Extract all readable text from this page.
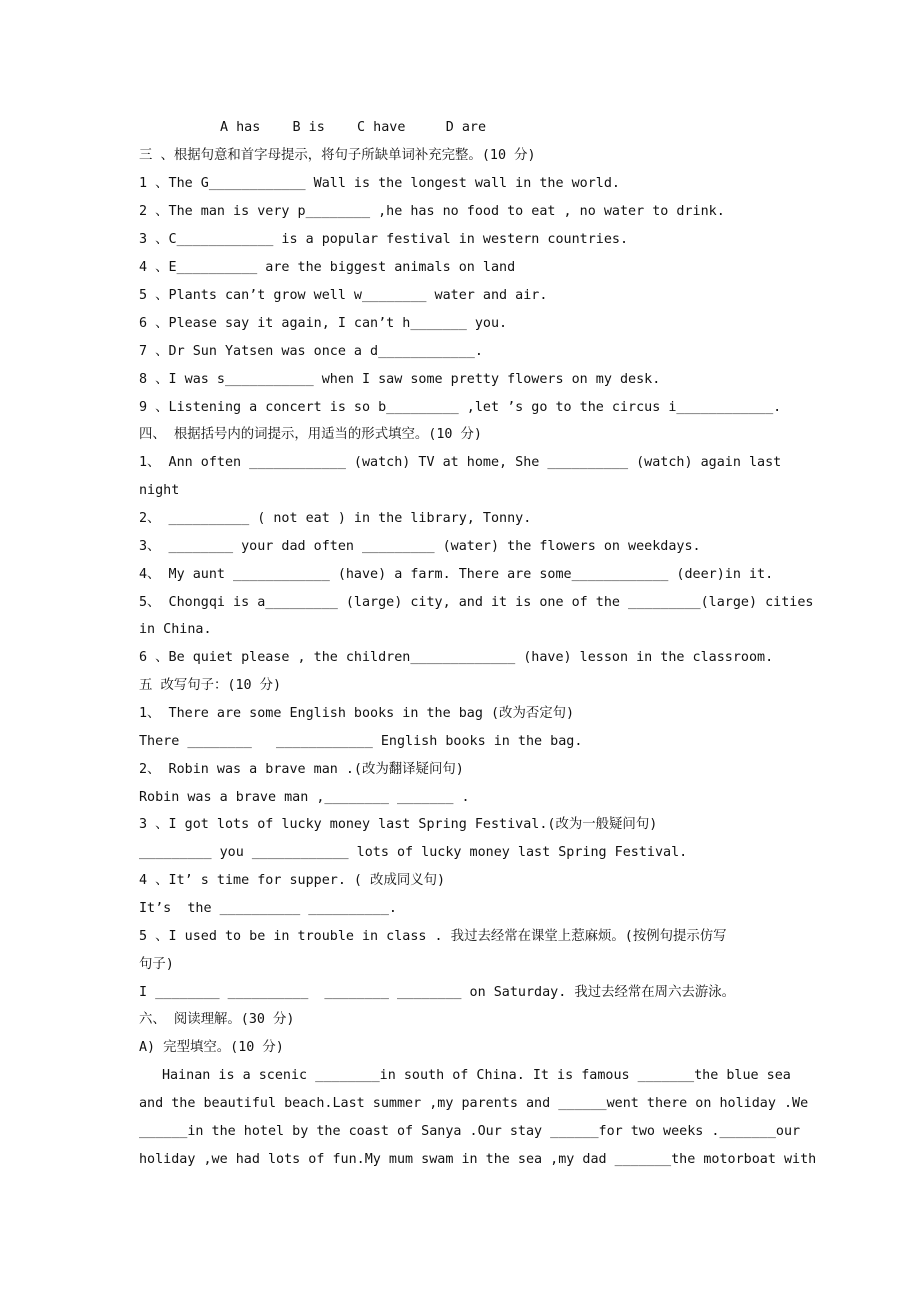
A has    B is    C have     D are
三 、根据句意和首字母提示，将句子所缺单词补充完整。(10 分)
1 、The G____________ Wall is the longest wall in the world.
2 、The man is very p________ ,he has no food to eat , no water to drink.
3 、C____________ is a popular festival in western countries.
4 、E__________ are the biggest animals on land
5 、Plants can’t grow well w________ water and air.
6 、Please say it again, I can’t h_______ you.
7 、Dr Sun Yatsen was once a d____________.
8 、I was s___________ when I saw some pretty flowers on my desk.
9 、Listening a concert is so b_________ ,let ’s go to the circus i____________.
四、 根据括号内的词提示，用适当的形式填空。(10 分)
1、 Ann often ____________ (watch) TV at home, She __________ (watch) again last
night
2、 __________ ( not eat ) in the library, Tonny.
3、 ________ your dad often _________ (water) the flowers on weekdays.
4、 My aunt ____________ (have) a farm. There are some____________ (deer)in it.
5、 Chongqi is a_________ (large) city, and it is one of the _________(large) cities
in China.
6 、Be quiet please , the children_____________ (have) lesson in the classroom.
五 改写句子：(10 分)
1、 There are some English books in the bag (改为否定句)
There ________   ____________ English books in the bag.
2、 Robin was a brave man .(改为翻译疑问句)
Robin was a brave man ,________ _______ .
3 、I got lots of lucky money last Spring Festival.(改为一般疑问句)
_________ you ____________ lots of lucky money last Spring Festival.
4 、It’ s time for supper. ( 改成同义句)
It’s  the __________ __________.
5 、I used to be in trouble in class . 我过去经常在课堂上惹麻烦。(按例句提示仿写
句子)
I ________ __________  ________ ________ on Saturday. 我过去经常在周六去游泳。
六、 阅读理解。(30 分)
A) 完型填空。(10 分)
Hainan is a scenic ________in south of China. It is famous _______the blue sea
and the beautiful beach.Last summer ,my parents and ______went there on holiday .We
______in the hotel by the coast of Sanya .Our stay ______for two weeks ._______our
holiday ,we had lots of fun.My mum swam in the sea ,my dad _______the motorboat with
